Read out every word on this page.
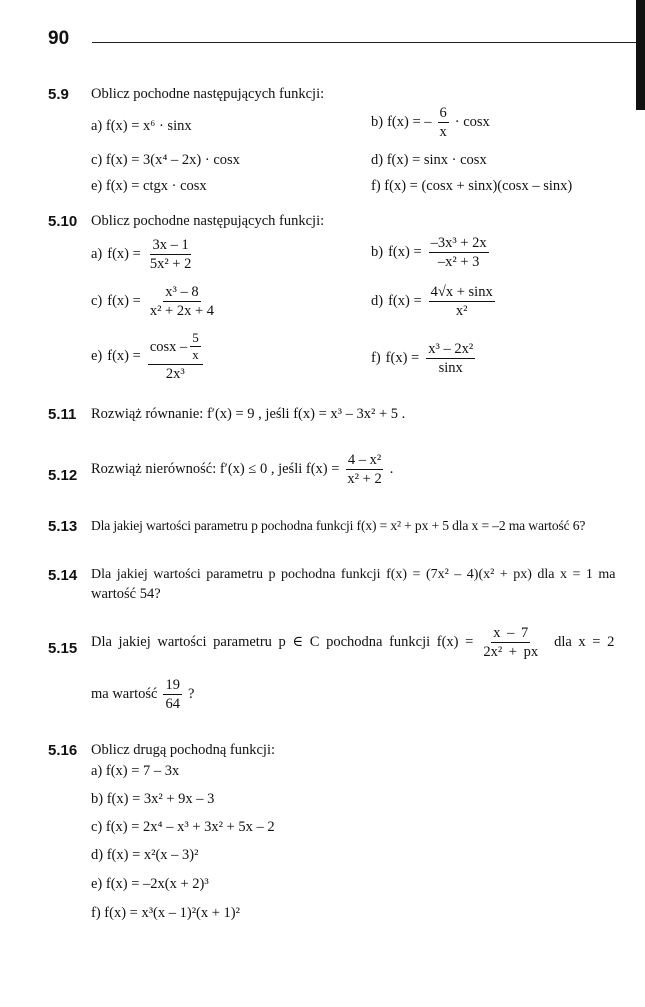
90
5.9 Oblicz pochodne następujących funkcji:
a) f(x) = x⁶ · sinx	b) f(x) = – $\frac{6}{x} \cdot \cos x$
c) f(x) = 3(x⁴ – 2x) · cosx	d) f(x) = sinx · cosx
e) f(x) = ctgx · cosx	f) f(x) = (cosx + sinx)(cosx – sinx)
5.10 Oblicz pochodne następujących funkcji:
a) $f(x) = \frac{3x - 1}{\text{5x² + 2}}$	b) $f(x) = \frac{\text{–3x³ + 2x}}{\text{–x² + 3}}$
c) $f(x) = \frac{\text{x³ – 8}}{\text{x² + 2x + 4}}$	d) $f(x) = \frac{4√x + \sin x}{\text{x²}}$
e) $f(x) = \frac{\cos x - \frac{5}{x}}{\text{2x³}}$	f) $f(x) = \frac{\text{x³ – 2x²}}{\sin x}$
5.11 Rozwiąż równanie: f′(x) = 9 , jeśli f(x) = x³ – 3x² + 5 .
5.12 Rozwiąż nierówność: f′(x) ≤ 0 , jeśli $f(x) = \frac{\text{4 – x²}}{\text{x² + 2}}$ .
5.13 Dla jakiej wartości parametru p pochodna funkcji f(x) = x² + px + 5 dla x = –2 ma wartość 6?
5.14 Dla jakiej wartości parametru p pochodna funkcji f(x) = (7x² – 4)(x² + px) dla x = 1 ma
wartość 54?
5.15 Dla jakiej wartości parametru p ∈ C pochodna funkcji $f(x) = \frac{x - 7}{\text{2x² + px}}$ dla x = 2
ma wartość $\frac{19}{64}$ ?
5.16 Oblicz drugą pochodną funkcji:
a) f(x) = 7 – 3x
b) f(x) = 3x² + 9x – 3
c) f(x) = 2x⁴ – x³ + 3x² + 5x – 2
d) f(x) = x²(x – 3)²
e) f(x) = –2x(x + 2)³
f) f(x) = x³(x – 1)²(x + 1)²
